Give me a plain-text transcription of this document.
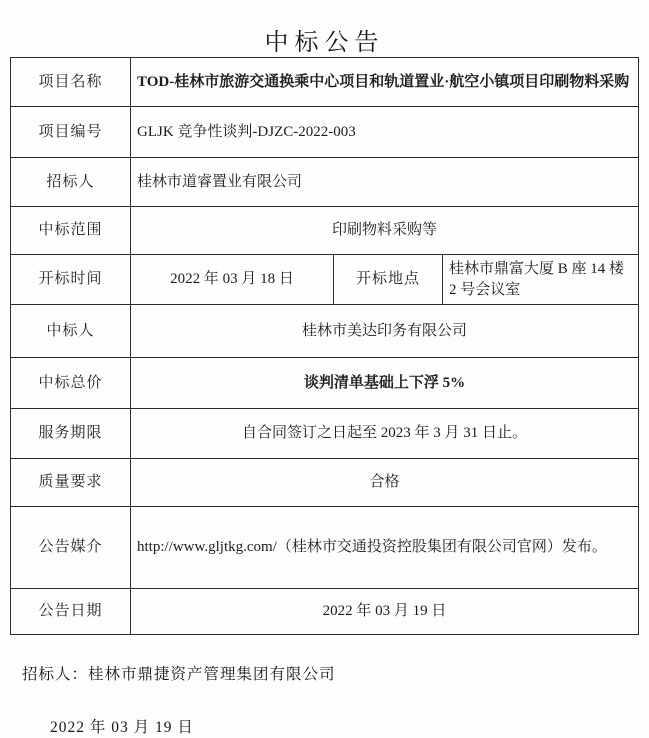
中标公告
项目名称	TOD-桂林市旅游交通换乘中心项目和轨道置业·航空小镇项目印刷物料采购		
项目编号	GLJK 竞争性谈判-DJZC-2022-003		
招标人	桂林市道睿置业有限公司		
中标范围	印刷物料采购等		
开标时间	2022 年 03 月 18 日	开标地点	桂林市鼎富大厦 B 座 14 楼 2 号会议室
中标人	桂林市美达印务有限公司		
中标总价	谈判清单基础上下浮 5%		
服务期限	自合同签订之日起至 2023 年 3 月 31 日止。		
质量要求	合格		
公告媒介	http://www.gljtkg.com/（桂林市交通投资控股集团有限公司官网）发布。		
公告日期	2022 年 03 月 19 日		
招标人：桂林市鼎捷资产管理集团有限公司
2022 年 03 月 19 日
